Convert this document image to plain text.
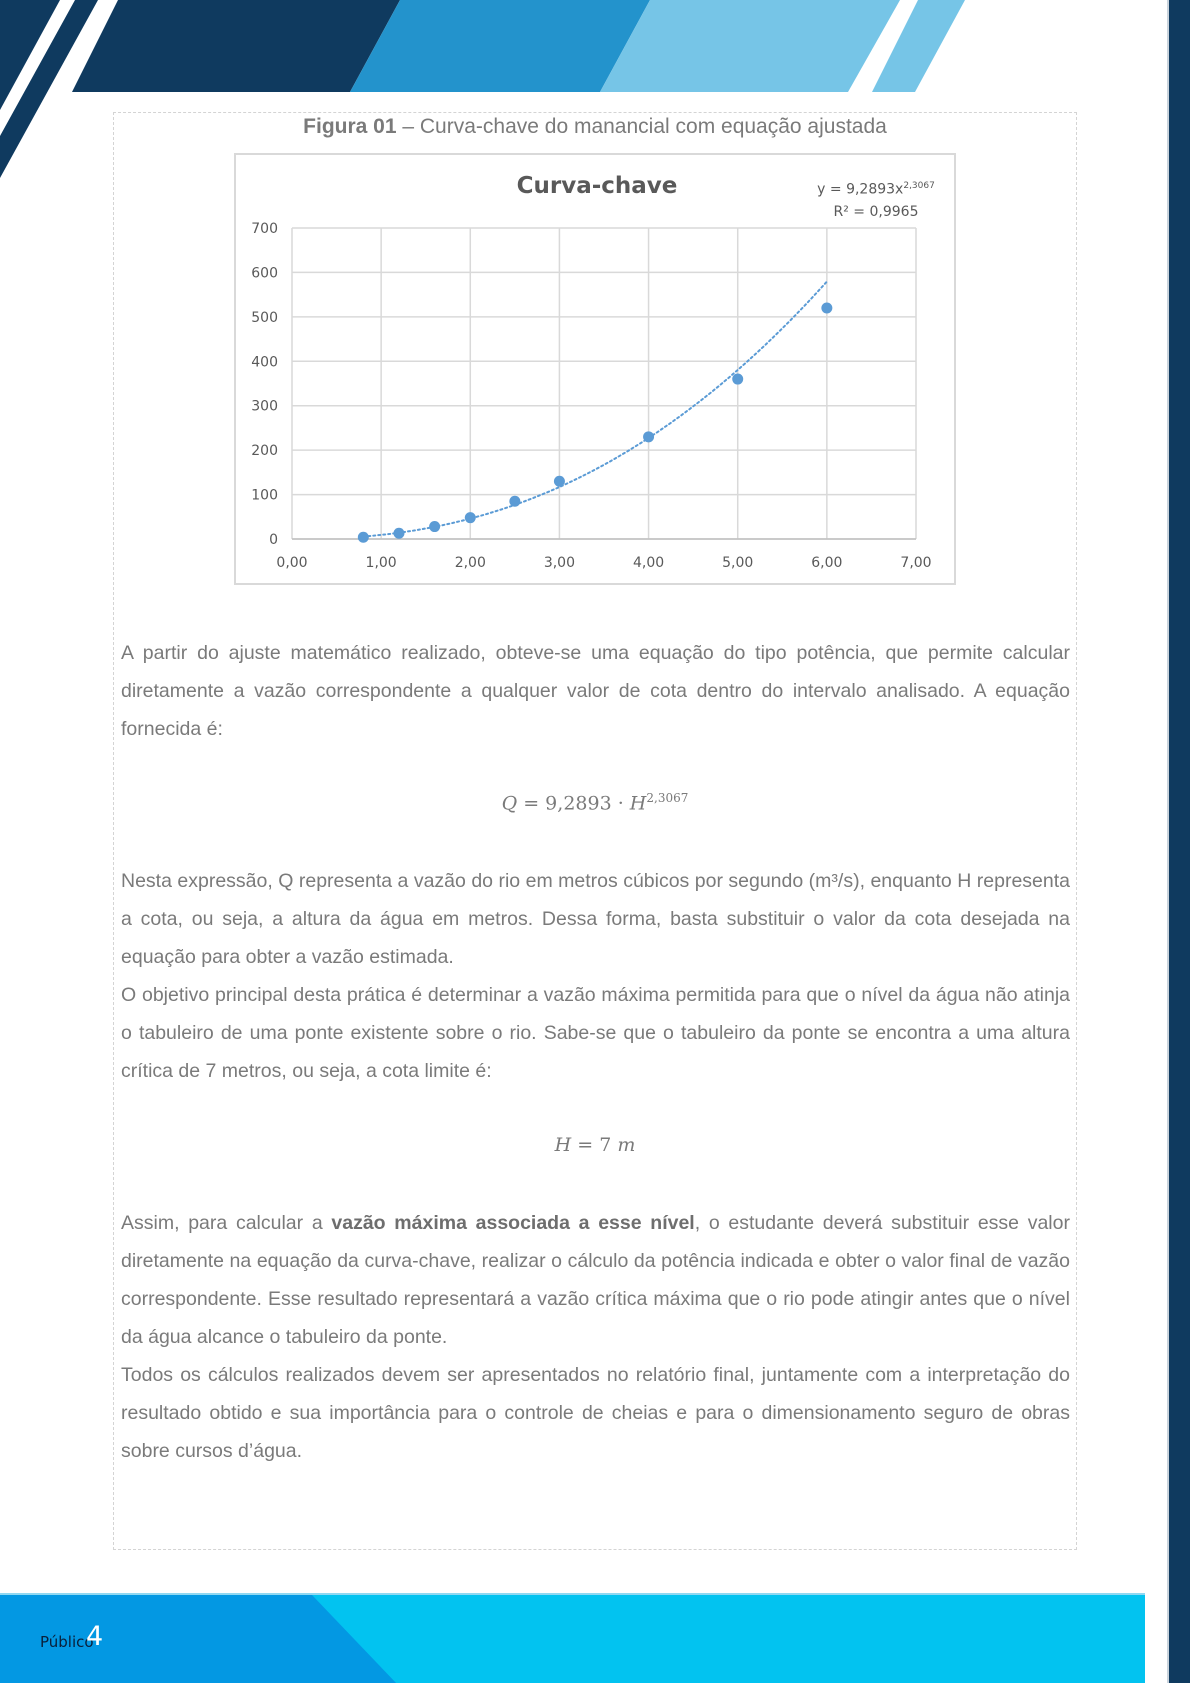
Figura 01 – Curva-chave do manancial com equação ajustada
0,00	1,00	2,00	3,00	4,00	5,00	6,00	7,00
0
100
200
300
400
500
600
700
Curva-chave	$y = 9,2893x^{2,3067}$
R² = 0,9965

A partir do ajuste matemático realizado, obteve-se uma equação do tipo potência, que permite calcular diretamente a vazão correspondente a qualquer valor de cota dentro do intervalo analisado. A equação fornecida é:

$Q = 9,2893 \cdot H^{2,3067}$

Nesta expressão, Q representa a vazão do rio em metros cúbicos por segundo (m³/s), enquanto H representa a cota, ou seja, a altura da água em metros. Dessa forma, basta substituir o valor da cota desejada na equação para obter a vazão estimada.

O objetivo principal desta prática é determinar a vazão máxima permitida para que o nível da água não atinja o tabuleiro de uma ponte existente sobre o rio. Sabe-se que o tabuleiro da ponte se encontra a uma altura crítica de 7 metros, ou seja, a cota limite é:

H = 7 m

Assim, para calcular a vazão máxima associada a esse nível, o estudante deverá substituir esse valor diretamente na equação da curva-chave, realizar o cálculo da potência indicada e obter o valor final de vazão correspondente. Esse resultado representará a vazão crítica máxima que o rio pode atingir antes que o nível da água alcance o tabuleiro da ponte.

Todos os cálculos realizados devem ser apresentados no relatório final, juntamente com a interpretação do resultado obtido e sua importância para o controle de cheias e para o dimensionamento seguro de obras sobre cursos d’água.

Público
4
